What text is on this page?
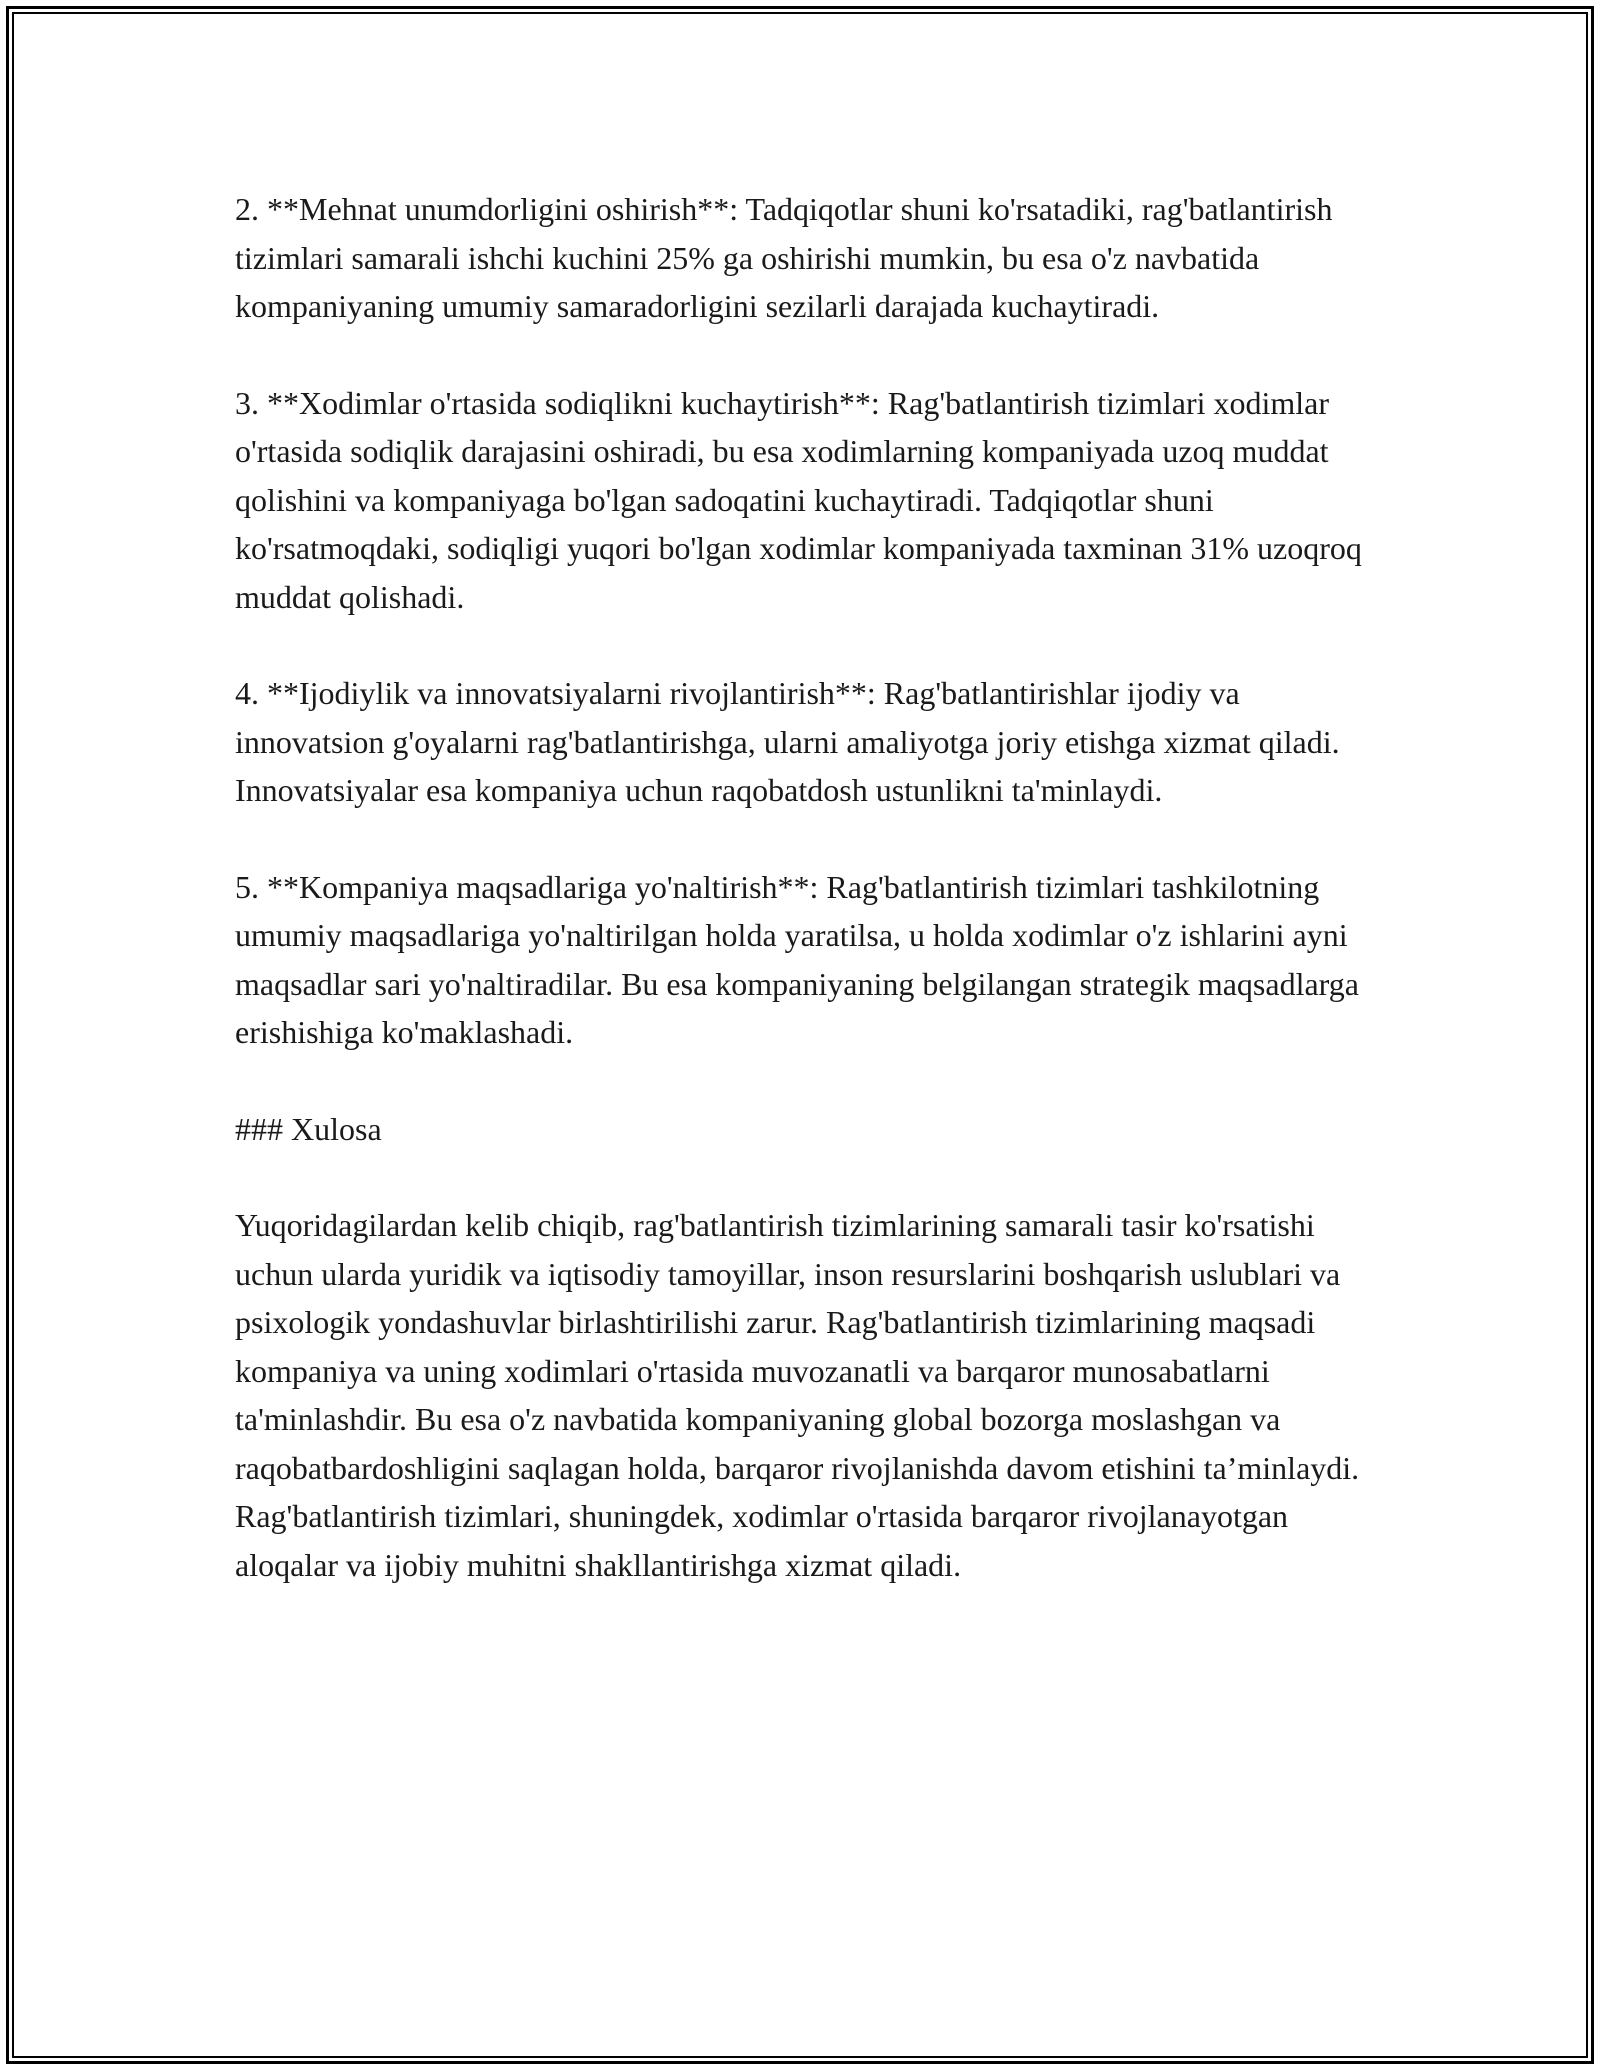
2. **Mehnat unumdorligini oshirish**: Tadqiqotlar shuni ko'rsatadiki, rag'batlantirish tizimlari samarali ishchi kuchini 25% ga oshirishi mumkin, bu esa o'z navbatida kompaniyaning umumiy samaradorligini sezilarli darajada kuchaytiradi.

3. **Xodimlar o'rtasida sodiqlikni kuchaytirish**: Rag'batlantirish tizimlari xodimlar o'rtasida sodiqlik darajasini oshiradi, bu esa xodimlarning kompaniyada uzoq muddat qolishini va kompaniyaga bo'lgan sadoqatini kuchaytiradi. Tadqiqotlar shuni ko'rsatmoqdaki, sodiqligi yuqori bo'lgan xodimlar kompaniyada taxminan 31% uzoqroq muddat qolishadi.

4. **Ijodiylik va innovatsiyalarni rivojlantirish**: Rag'batlantirishlar ijodiy va innovatsion g'oyalarni rag'batlantirishga, ularni amaliyotga joriy etishga xizmat qiladi. Innovatsiyalar esa kompaniya uchun raqobatdosh ustunlikni ta'minlaydi.

5. **Kompaniya maqsadlariga yo'naltirish**: Rag'batlantirish tizimlari tashkilotning umumiy maqsadlariga yo'naltirilgan holda yaratilsa, u holda xodimlar o'z ishlarini ayni maqsadlar sari yo'naltiradilar. Bu esa kompaniyaning belgilangan strategik maqsadlarga erishishiga ko'maklashadi.

### Xulosa

Yuqoridagilardan kelib chiqib, rag'batlantirish tizimlarining samarali tasir ko'rsatishi uchun ularda yuridik va iqtisodiy tamoyillar, inson resurslarini boshqarish uslublari va psixologik yondashuvlar birlashtirilishi zarur. Rag'batlantirish tizimlarining maqsadi kompaniya va uning xodimlari o'rtasida muvozanatli va barqaror munosabatlarni ta'minlashdir. Bu esa o'z navbatida kompaniyaning global bozorga moslashgan va raqobatbardoshligini saqlagan holda, barqaror rivojlanishda davom etishini ta’minlaydi. Rag'batlantirish tizimlari, shuningdek, xodimlar o'rtasida barqaror rivojlanayotgan aloqalar va ijobiy muhitni shakllantirishga xizmat qiladi.
